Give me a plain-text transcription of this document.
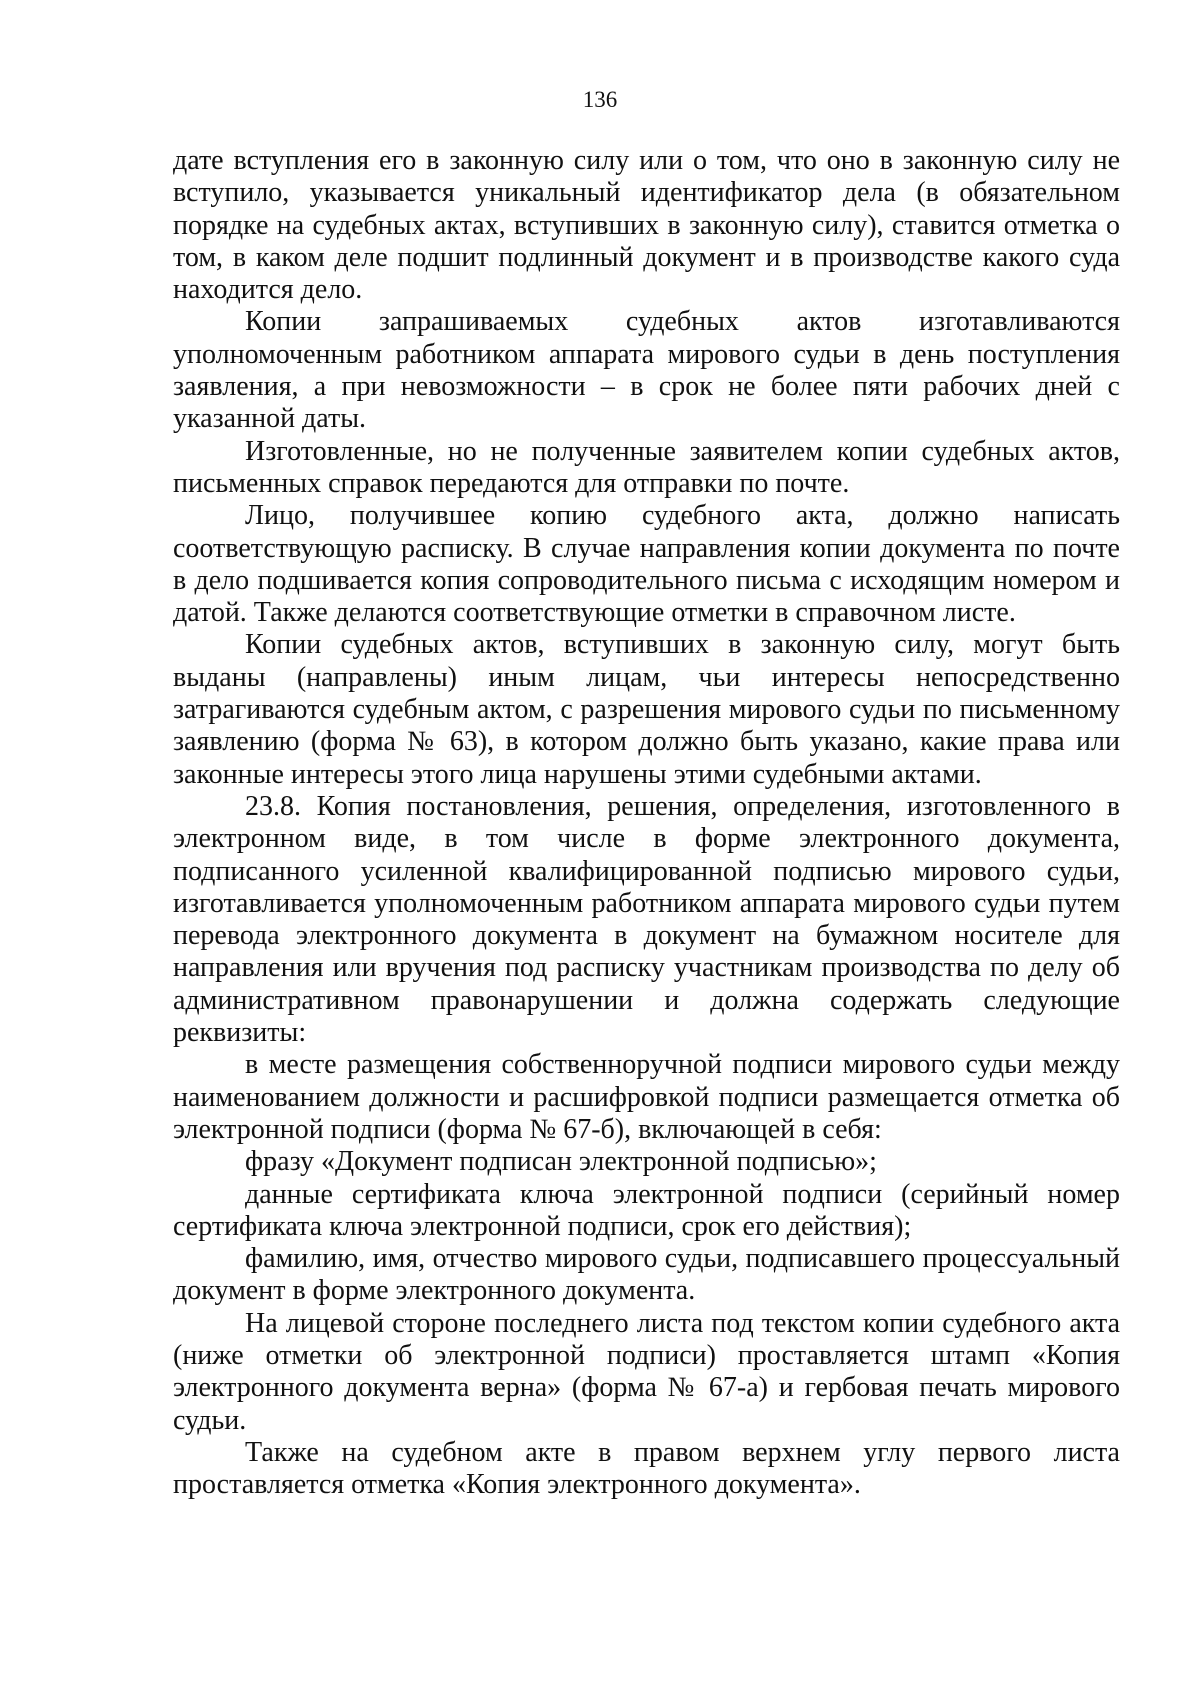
136

дате вступления его в законную силу или о том, что оно в законную силу не вступило, указывается уникальный идентификатор дела (в обязательном порядке на судебных актах, вступивших в законную силу), ставится отметка о том, в каком деле подшит подлинный документ и в производстве какого суда находится дело.

Копии запрашиваемых судебных актов изготавливаются уполномоченным работником аппарата мирового судьи в день поступления заявления, а при невозможности – в срок не более пяти рабочих дней с указанной даты.

Изготовленные, но не полученные заявителем копии судебных актов, письменных справок передаются для отправки по почте.

Лицо, получившее копию судебного акта, должно написать соответствующую расписку. В случае направления копии документа по почте в дело подшивается копия сопроводительного письма с исходящим номером и датой. Также делаются соответствующие отметки в справочном листе.

Копии судебных актов, вступивших в законную силу, могут быть выданы (направлены) иным лицам, чьи интересы непосредственно затрагиваются судебным актом, с разрешения мирового судьи по письменному заявлению (форма № 63), в котором должно быть указано, какие права или законные интересы этого лица нарушены этими судебными актами.

23.8. Копия постановления, решения, определения, изготовленного в электронном виде, в том числе в форме электронного документа, подписанного усиленной квалифицированной подписью мирового судьи, изготавливается уполномоченным работником аппарата мирового судьи путем перевода электронного документа в документ на бумажном носителе для направления или вручения под расписку участникам производства по делу об административном правонарушении и должна содержать следующие реквизиты:

в месте размещения собственноручной подписи мирового судьи между наименованием должности и расшифровкой подписи размещается отметка об электронной подписи (форма № 67-б), включающей в себя:

фразу «Документ подписан электронной подписью»;

данные сертификата ключа электронной подписи (серийный номер сертификата ключа электронной подписи, срок его действия);

фамилию, имя, отчество мирового судьи, подписавшего процессуальный документ в форме электронного документа.

На лицевой стороне последнего листа под текстом копии судебного акта (ниже отметки об электронной подписи) проставляется штамп «Копия электронного документа верна» (форма № 67-а) и гербовая печать мирового судьи.

Также на судебном акте в правом верхнем углу первого листа проставляется отметка «Копия электронного документа».
